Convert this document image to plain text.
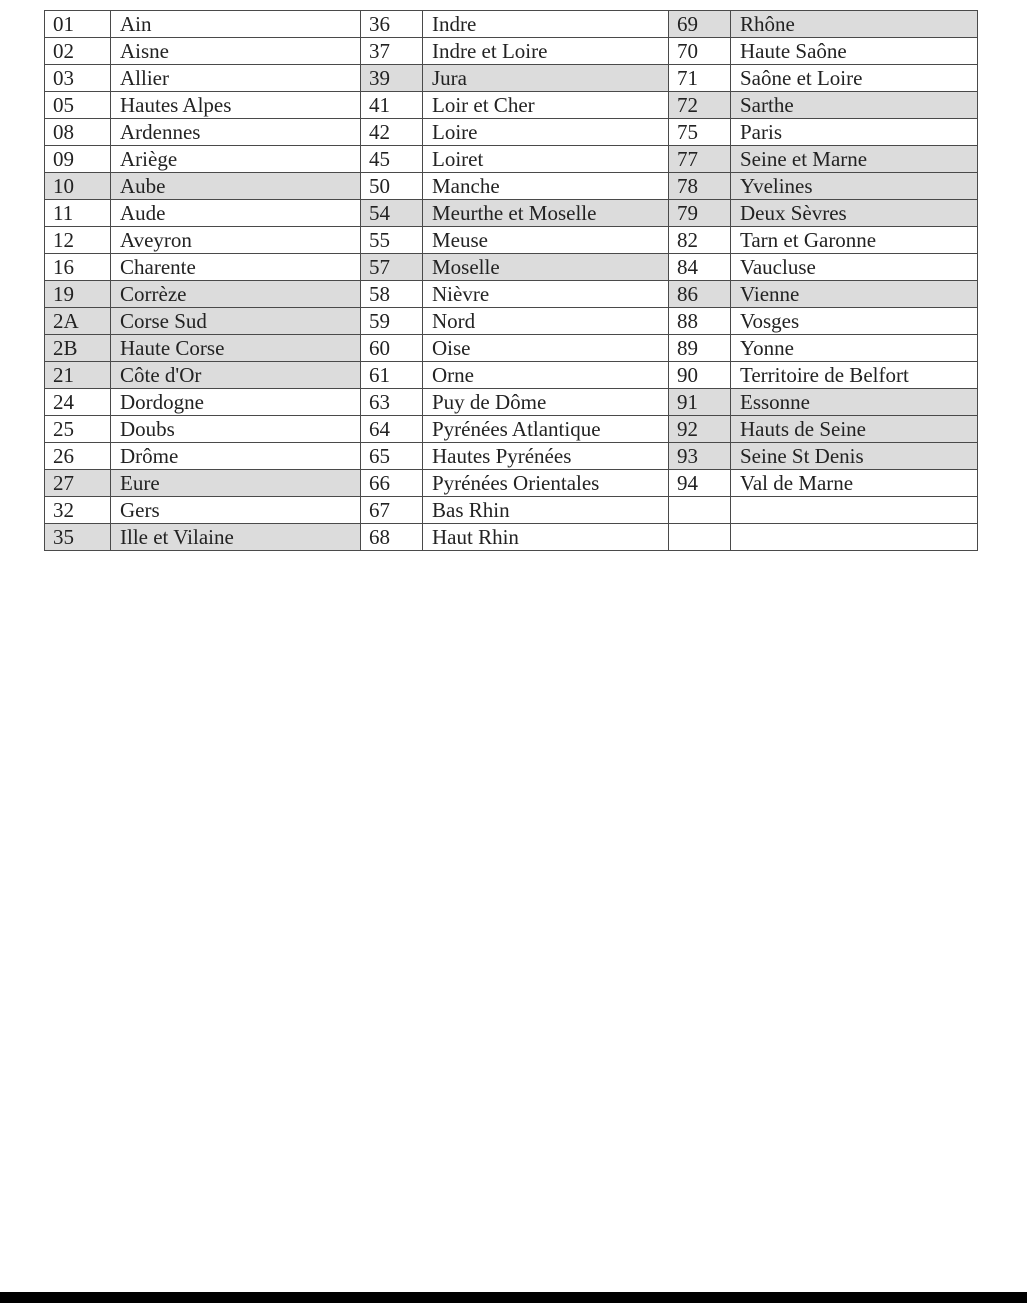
01	Ain	36	Indre	69	Rhône
02	Aisne	37	Indre et Loire	70	Haute Saône
03	Allier	39	Jura	71	Saône et Loire
05	Hautes Alpes	41	Loir et Cher	72	Sarthe
08	Ardennes	42	Loire	75	Paris
09	Ariège	45	Loiret	77	Seine et Marne
10	Aube	50	Manche	78	Yvelines
11	Aude	54	Meurthe et Moselle	79	Deux Sèvres
12	Aveyron	55	Meuse	82	Tarn et Garonne
16	Charente	57	Moselle	84	Vaucluse
19	Corrèze	58	Nièvre	86	Vienne
2A	Corse Sud	59	Nord	88	Vosges
2B	Haute Corse	60	Oise	89	Yonne
21	Côte d'Or	61	Orne	90	Territoire de Belfort
24	Dordogne	63	Puy de Dôme	91	Essonne
25	Doubs	64	Pyrénées Atlantique	92	Hauts de Seine
26	Drôme	65	Hautes Pyrénées	93	Seine St Denis
27	Eure	66	Pyrénées Orientales	94	Val de Marne
32	Gers	67	Bas Rhin		
35	Ille et Vilaine	68	Haut Rhin		
